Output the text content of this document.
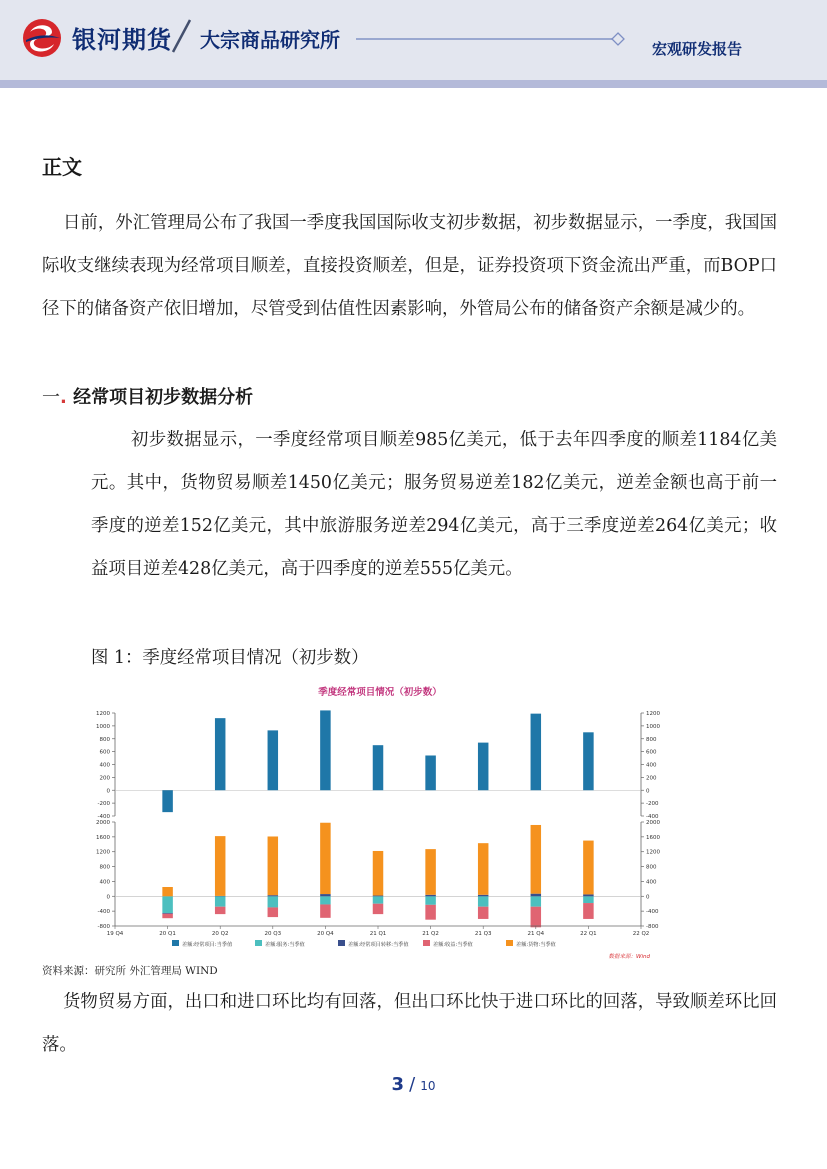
银河期货 大宗商品研究所	宏观研发报告
正文

日前，外汇管理局公布了我国一季度我国国际收支初步数据，初步数据显示，一季度，我国国际收支继续表现为经常项目顺差，直接投资顺差，但是，证券投资项下资金流出严重，而BOP口径下的储备资产依旧增加，尽管受到估值性因素影响，外管局公布的储备资产余额是减少的。

一. 经常项目初步数据分析

初步数据显示，一季度经常项目顺差985亿美元，低于去年四季度的顺差1184亿美元。其中，货物贸易顺差1450亿美元；服务贸易逆差182亿美元，逆差金额也高于前一季度的逆差152亿美元，其中旅游服务逆差294亿美元，高于三季度逆差264亿美元；收益项目逆差428亿美元，高于四季度的逆差555亿美元。

图 1：季度经常项目情况（初步数）
季度经常项目情况（初步数）
-400	-400
-200	-200
0	0
200	200
400	400
600	600
800	800
1000	1000
1200	1200
-800	-800
-400	-400
0	0
400	400
800	800
1200	1200
1600	1600
2000	2000
19 Q4	20 Q1	20 Q2	20 Q3	20 Q4	21 Q1	21 Q2	21 Q3	21 Q4	22 Q1	22 Q2
差额:经常项目:当季值	差额:服务:当季值	差额:经常项目转移:当季值	差额:收益:当季值	差额:货物:当季值
数据来源：Wind
资料来源：研究所 外汇管理局 WIND

货物贸易方面，出口和进口环比均有回落，但出口环比快于进口环比的回落，导致顺差环比回落。

3 / 10
